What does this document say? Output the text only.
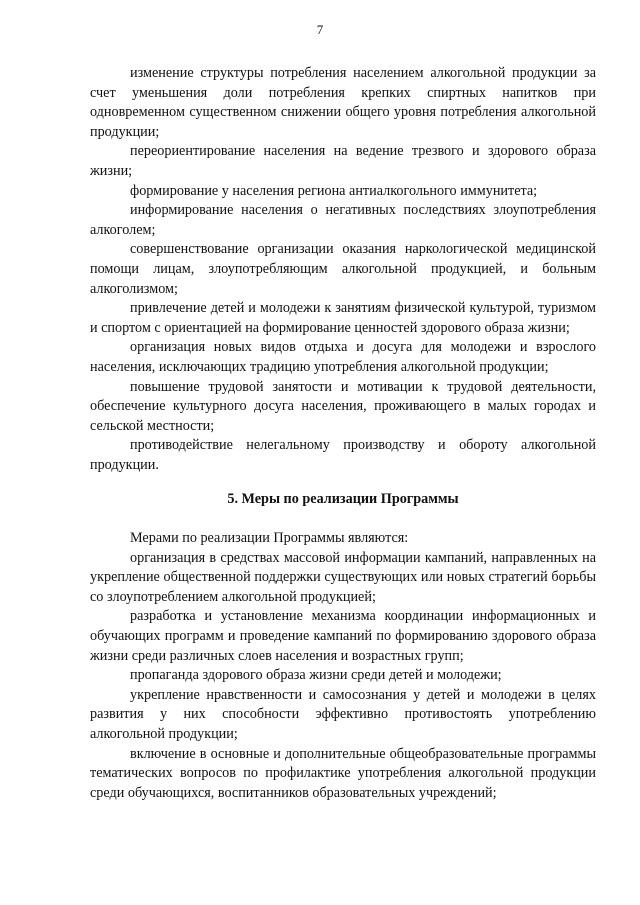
7

изменение структуры потребления населением алкогольной продукции за счет уменьшения доли потребления крепких спиртных напитков при одновременном существенном снижении общего уровня потребления алкогольной продукции;

переориентирование населения на ведение трезвого и здорового образа жизни;

формирование у населения региона антиалкогольного иммунитета;

информирование населения о негативных последствиях злоупотребления алкоголем;

совершенствование организации оказания наркологической медицинской помощи лицам, злоупотребляющим алкогольной продукцией, и больным алкоголизмом;

привлечение детей и молодежи к занятиям физической культурой, туризмом и спортом с ориентацией на формирование ценностей здорового образа жизни;

организация новых видов отдыха и досуга для молодежи и взрослого населения, исключающих традицию употребления алкогольной продукции;

повышение трудовой занятости и мотивации к трудовой деятельности, обеспечение культурного досуга населения, проживающего в малых городах и сельской местности;

противодействие нелегальному производству и обороту алкогольной продукции.

5. Меры по реализации Программы

Мерами по реализации Программы являются:

организация в средствах массовой информации кампаний, направленных на укрепление общественной поддержки существующих или новых стратегий борьбы со злоупотреблением алкогольной продукцией;

разработка и установление механизма координации информационных и обучающих программ и проведение кампаний по формированию здорового образа жизни среди различных слоев населения и возрастных групп;

пропаганда здорового образа жизни среди детей и молодежи;

укрепление нравственности и самосознания у детей и молодежи в целях развития у них способности эффективно противостоять употреблению алкогольной продукции;

включение в основные и дополнительные общеобразовательные программы тематических вопросов по профилактике употребления алкогольной продукции среди обучающихся, воспитанников образовательных учреждений;
